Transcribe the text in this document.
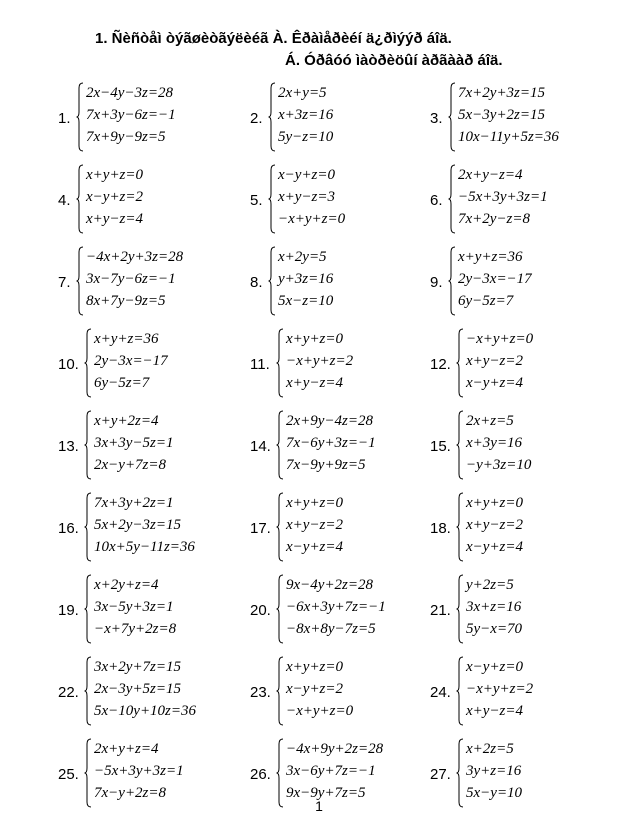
1. Ñèñòåì òýãøèòãýëèéã À. Êðàìåðèéí ä¿ðìýýð áîä.
Á. Óðâóó ìàòðèöûí àðãààð áîä.
1.
2x−4y−3z=28
7x+3y−6z=−1
7x+9y−9z=5
2.
2x+y=5
x+3z=16
5y−z=10
3.
7x+2y+3z=15
5x−3y+2z=15
10x−11y+5z=36
4.
x+y+z=0
x−y+z=2
x+y−z=4
5.
x−y+z=0
x+y−z=3
−x+y+z=0
6.
2x+y−z=4
−5x+3y+3z=1
7x+2y−z=8
7.
−4x+2y+3z=28
3x−7y−6z=−1
8x+7y−9z=5
8.
x+2y=5
y+3z=16
5x−z=10
9.
x+y+z=36
2y−3x=−17
6y−5z=7
10.
x+y+z=36
2y−3x=−17
6y−5z=7
11.
x+y+z=0
−x+y+z=2
x+y−z=4
12.
−x+y+z=0
x+y−z=2
x−y+z=4
13.
x+y+2z=4
3x+3y−5z=1
2x−y+7z=8
14.
2x+9y−4z=28
7x−6y+3z=−1
7x−9y+9z=5
15.
2x+z=5
x+3y=16
−y+3z=10
16.
7x+3y+2z=1
5x+2y−3z=15
10x+5y−11z=36
17.
x+y+z=0
x+y−z=2
x−y+z=4
18.
x+y+z=0
x+y−z=2
x−y+z=4
19.
x+2y+z=4
3x−5y+3z=1
−x+7y+2z=8
20.
9x−4y+2z=28
−6x+3y+7z=−1
−8x+8y−7z=5
21.
y+2z=5
3x+z=16
5y−x=70
22.
3x+2y+7z=15
2x−3y+5z=15
5x−10y+10z=36
23.
x+y+z=0
x−y+z=2
−x+y+z=0
24.
x−y+z=0
−x+y+z=2
x+y−z=4
25.
2x+y+z=4
−5x+3y+3z=1
7x−y+2z=8
26.
−4x+9y+2z=28
3x−6y+7z=−1
9x−9y+7z=5
27.
x+2z=5
3y+z=16
5x−y=10
1
